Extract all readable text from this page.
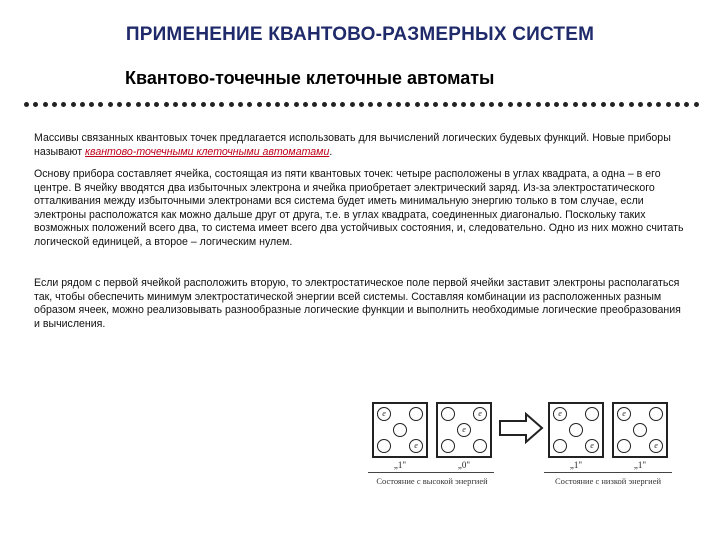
ПРИМЕНЕНИЕ КВАНТОВО-РАЗМЕРНЫХ СИСТЕМ
Квантово-точечные клеточные автоматы

Массивы связанных квантовых точек предлагается использовать для вычислений логических будевых функций. Новые приборы называют квантово-точечными клеточными автоматами.

Основу прибора составляет ячейка, состоящая из пяти квантовых точек: четыре расположены в углах квадрата, а одна – в его центре. В ячейку вводятся два избыточных электрона и ячейка приобретает электрический заряд. Из-за электростатического отталкивания между избыточными электронами вся система будет иметь минимальную энергию только в том случае, если электроны расположатся как можно дальше друг от друга, т.е. в углах квадрата, соединенных диагональю. Поскольку таких возможных положений всего два, то система имеет всего два устойчивых состояния, и, следовательно. Одно из них можно считать логической единицей, а второе – логическим нулем.

Если рядом с первой ячейкой расположить вторую, то электростатическое поле первой ячейки заставит электроны располагаться так, чтобы обеспечить минимум электростатической энергии всей системы. Составляя комбинации из расположенных разным образом ячеек, можно реализовывать разнообразные логические функции и выполнить необходимые логические преобразования и вычисления.

e
e
e
e
e
e
e
e
„1"	„0"	„1"	„1"
Состояние с высокой энергией	Состояние с низкой энергией
